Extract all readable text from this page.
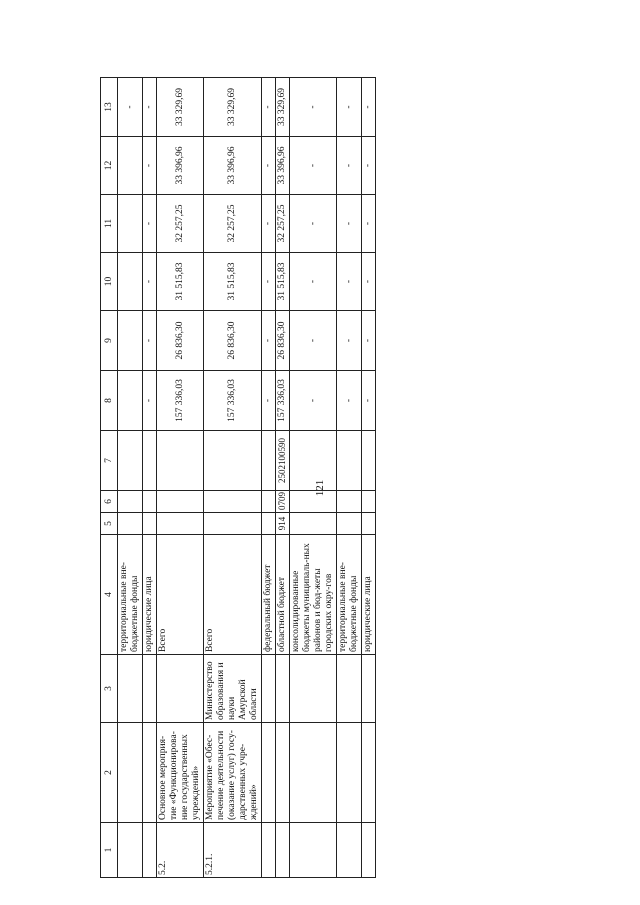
121
1	2	3	4	5	6	7	8	9	10	11	12	13
			территориальные вне-бюджетные фонды									-
			юридические лица				-	-	-	-	-	-
5.2.	Основное мероприя-тие «Функционирова-ние государственных учреждений»		Всего				157 336,03	26 836,30	31 515,83	32 257,25	33 396,96	33 329,69
5.2.1.	Мероприятие «Обес-печение деятельности (оказание услуг) госу-дарственных учре-ждений»	Министерство образования и науки Амурской области	Всего				157 336,03	26 836,30	31 515,83	32 257,25	33 396,96	33 329,69
			федеральный бюджет				-	-	-	-	-	-
			областной бюджет	914	0709	2502100590	157 336,03	26 836,30	31 515,83	32 257,25	33 396,96	33 329,69
			консолидированные бюджеты муниципаль-ных районов и бюд-жеты городских окру-гов				-	-	-	-	-	-
			территориальные вне-бюджетные фонды				-	-	-	-	-	-
			юридические лица				-	-	-	-	-	-
